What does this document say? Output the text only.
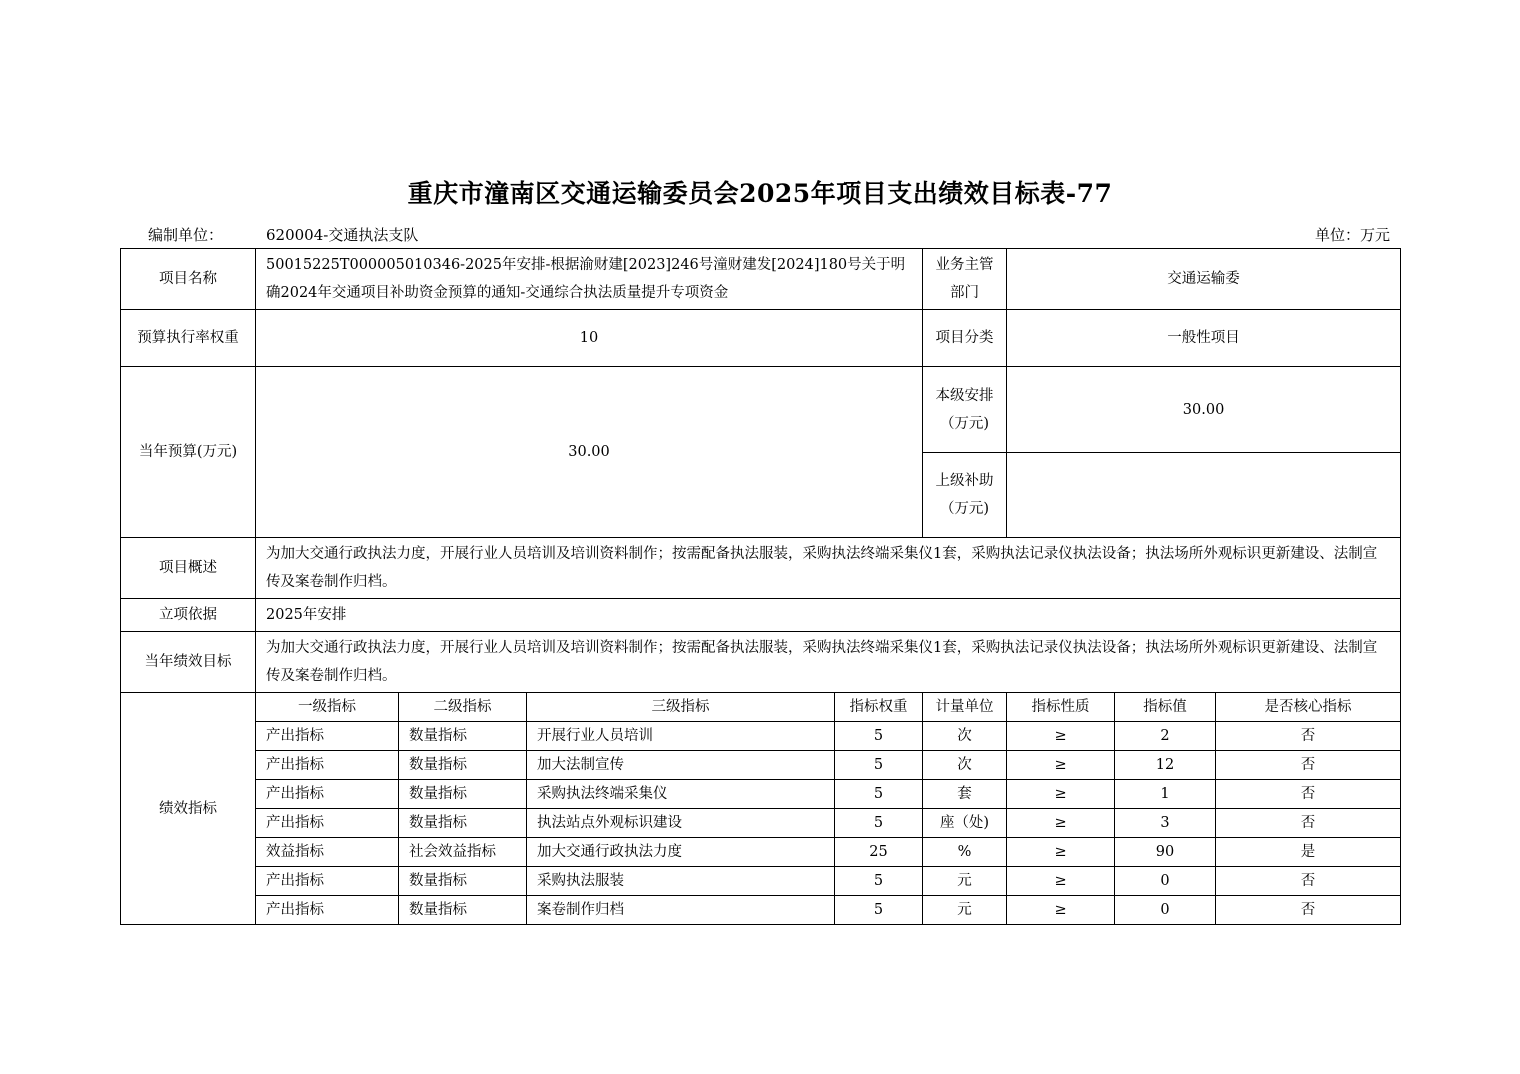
重庆市潼南区交通运输委员会2025年项目支出绩效目标表-77
编制单位：	620004-交通执法支队	单位：万元
项目名称	50015225T000005010346-2025年安排-根据渝财建[2023]246号潼财建发[2024]180号关于明确2024年交通项目补助资金预算的通知-交通综合执法质量提升专项资金				业务主管部门	交通运输委		
预算执行率权重	10				项目分类	一般性项目		
当年预算(万元)	30.00				本级安排（万元)	30.00		
					上级补助（万元)			
项目概述	为加大交通行政执法力度，开展行业人员培训及培训资料制作；按需配备执法服装，采购执法终端采集仪1套，采购执法记录仪执法设备；执法场所外观标识更新建设、法制宣传及案卷制作归档。							
立项依据	2025年安排							
当年绩效目标	为加大交通行政执法力度，开展行业人员培训及培训资料制作；按需配备执法服装，采购执法终端采集仪1套，采购执法记录仪执法设备；执法场所外观标识更新建设、法制宣传及案卷制作归档。							
绩效指标	一级指标	二级指标	三级指标	指标权重	计量单位	指标性质	指标值	是否核心指标
	产出指标	数量指标	开展行业人员培训	5	次	≥	2	否
	产出指标	数量指标	加大法制宣传	5	次	≥	12	否
	产出指标	数量指标	采购执法终端采集仪	5	套	≥	1	否
	产出指标	数量指标	执法站点外观标识建设	5	座（处)	≥	3	否
	效益指标	社会效益指标	加大交通行政执法力度	25	%	≥	90	是
	产出指标	数量指标	采购执法服装	5	元	≥	0	否
	产出指标	数量指标	案卷制作归档	5	元	≥	0	否
